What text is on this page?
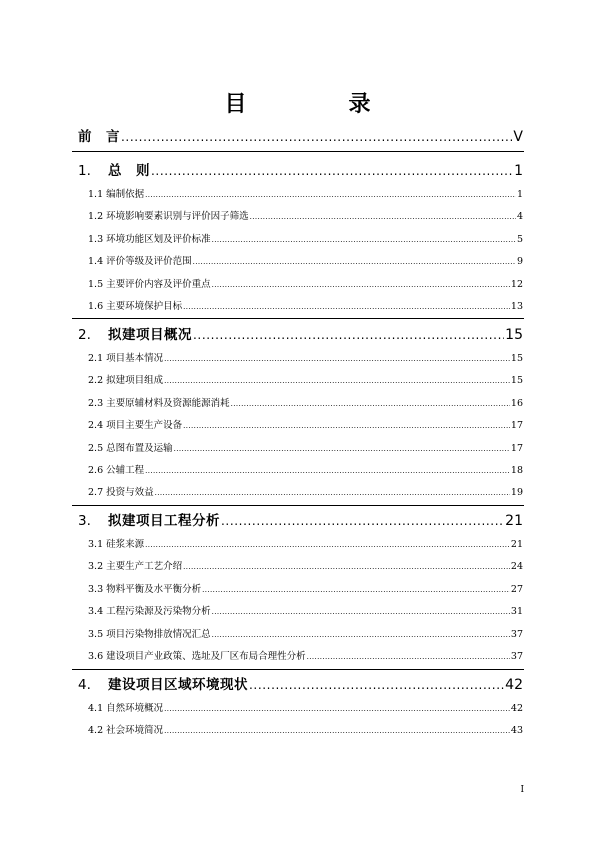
目　录
前　言 .....	V
1. 总　则 .....	1
1.1 编制依据 .....	1
1.2 环境影响要素识别与评价因子筛选 .....	4
1.3 环境功能区划及评价标准 .....	5
1.4 评价等级及评价范围 .....	9
1.5 主要评价内容及评价重点 .....	12
1.6 主要环境保护目标 .....	13
2. 拟建项目概况 .....	15
2.1 项目基本情况 .....	15
2.2 拟建项目组成 .....	15
2.3 主要原辅材料及资源能源消耗 .....	16
2.4 项目主要生产设备 .....	17
2.5 总图布置及运输 .....	17
2.6 公辅工程 .....	18
2.7 投资与效益 .....	19
3. 拟建项目工程分析 .....	21
3.1 硅浆来源 .....	21
3.2 主要生产工艺介绍 .....	24
3.3 物料平衡及水平衡分析 .....	27
3.4 工程污染源及污染物分析 .....	31
3.5 项目污染物排放情况汇总 .....	37
3.6 建设项目产业政策、选址及厂区布局合理性分析 .....	37
4. 建设项目区域环境现状 .....	42
4.1 自然环境概况 .....	42
4.2 社会环境简况 .....	43
I
